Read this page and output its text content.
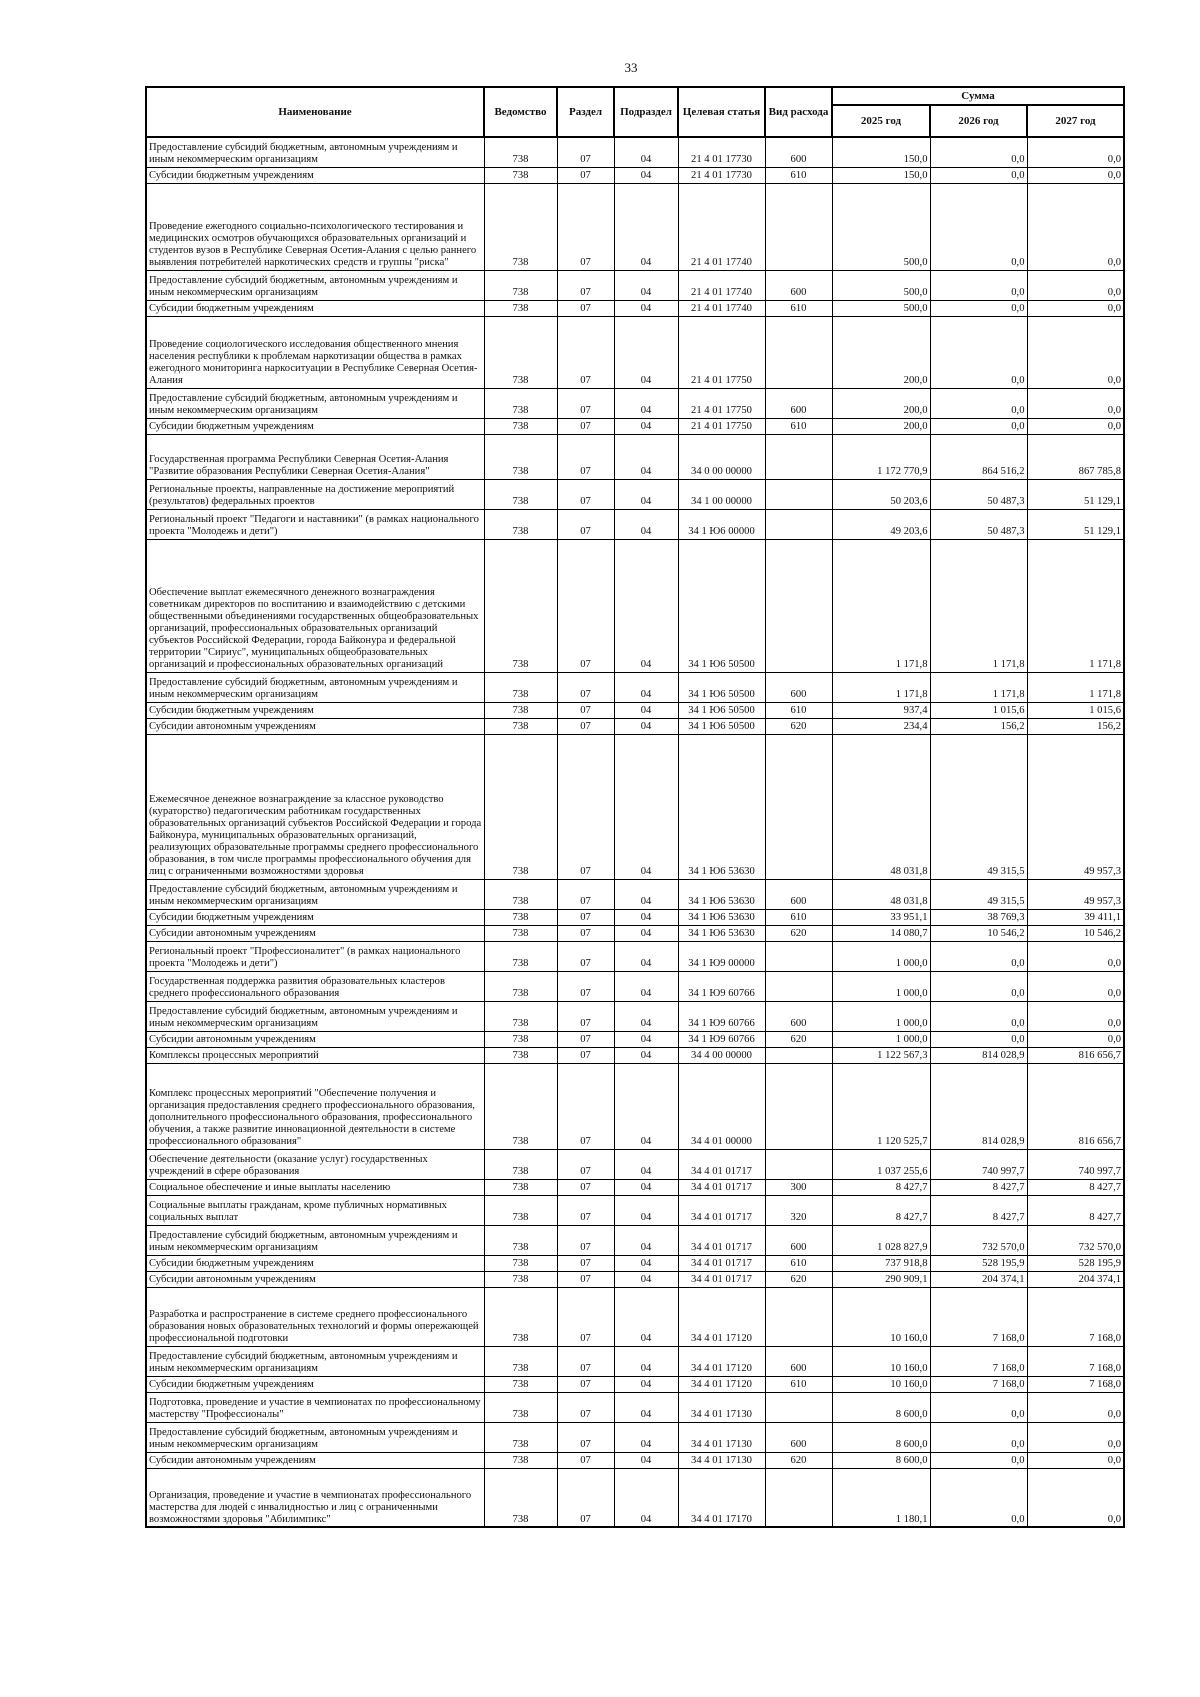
33
Наименование	Ведомство	Раздел	Подраздел	Целевая статья	Вид расхода	Сумма		
						2025 год	2026 год	2027 год
Предоставление субсидий бюджетным, автономным учреждениям и иным некоммерческим организациям	738	07	04	21 4 01 17730	600	150,0	0,0	0,0
Субсидии бюджетным учреждениям	738	07	04	21 4 01 17730	610	150,0	0,0	0,0
Проведение ежегодного социально-психологического тестирования и медицинских осмотров обучающихся образовательных организаций и студентов вузов в Республике Северная Осетия-Алания с целью раннего выявления потребителей наркотических средств и группы "риска"	738	07	04	21 4 01 17740		500,0	0,0	0,0
Предоставление субсидий бюджетным, автономным учреждениям и иным некоммерческим организациям	738	07	04	21 4 01 17740	600	500,0	0,0	0,0
Субсидии бюджетным учреждениям	738	07	04	21 4 01 17740	610	500,0	0,0	0,0
Проведение социологического исследования общественного мнения населения республики к проблемам наркотизации общества в рамках ежегодного мониторинга наркоситуации в Республике Северная Осетия-Алания	738	07	04	21 4 01 17750		200,0	0,0	0,0
Предоставление субсидий бюджетным, автономным учреждениям и иным некоммерческим организациям	738	07	04	21 4 01 17750	600	200,0	0,0	0,0
Субсидии бюджетным учреждениям	738	07	04	21 4 01 17750	610	200,0	0,0	0,0
Государственная программа Республики Северная Осетия-Алания "Развитие образования Республики Северная Осетия-Алания"	738	07	04	34 0 00 00000		1 172 770,9	864 516,2	867 785,8
Региональные проекты, направленные на достижение мероприятий (результатов) федеральных проектов	738	07	04	34 1 00 00000		50 203,6	50 487,3	51 129,1
Региональный проект "Педагоги и наставники" (в рамках национального проекта "Молодежь и дети")	738	07	04	34 1 Ю6 00000		49 203,6	50 487,3	51 129,1
Обеспечение выплат ежемесячного денежного вознаграждения советникам директоров по воспитанию и взаимодействию с детскими общественными объединениями государственных общеобразовательных организаций, профессиональных образовательных организаций субъектов Российской Федерации, города Байконура и федеральной территории "Сириус", муниципальных общеобразовательных организаций и профессиональных образовательных организаций	738	07	04	34 1 Ю6 50500		1 171,8	1 171,8	1 171,8
Предоставление субсидий бюджетным, автономным учреждениям и иным некоммерческим организациям	738	07	04	34 1 Ю6 50500	600	1 171,8	1 171,8	1 171,8
Субсидии бюджетным учреждениям	738	07	04	34 1 Ю6 50500	610	937,4	1 015,6	1 015,6
Субсидии автономным учреждениям	738	07	04	34 1 Ю6 50500	620	234,4	156,2	156,2
Ежемесячное денежное вознаграждение за классное руководство (кураторство) педагогическим работникам государственных образовательных организаций субъектов Российской Федерации и города Байконура, муниципальных образовательных организаций, реализующих образовательные программы среднего профессионального образования, в том числе программы профессионального обучения для лиц с ограниченными возможностями здоровья	738	07	04	34 1 Ю6 53630		48 031,8	49 315,5	49 957,3
Предоставление субсидий бюджетным, автономным учреждениям и иным некоммерческим организациям	738	07	04	34 1 Ю6 53630	600	48 031,8	49 315,5	49 957,3
Субсидии бюджетным учреждениям	738	07	04	34 1 Ю6 53630	610	33 951,1	38 769,3	39 411,1
Субсидии автономным учреждениям	738	07	04	34 1 Ю6 53630	620	14 080,7	10 546,2	10 546,2
Региональный проект "Профессионалитет" (в рамках национального проекта "Молодежь и дети")	738	07	04	34 1 Ю9 00000		1 000,0	0,0	0,0
Государственная поддержка развития образовательных кластеров среднего профессионального образования	738	07	04	34 1 Ю9 60766		1 000,0	0,0	0,0
Предоставление субсидий бюджетным, автономным учреждениям и иным некоммерческим организациям	738	07	04	34 1 Ю9 60766	600	1 000,0	0,0	0,0
Субсидии автономным учреждениям	738	07	04	34 1 Ю9 60766	620	1 000,0	0,0	0,0
Комплексы процессных мероприятий	738	07	04	34 4 00 00000		1 122 567,3	814 028,9	816 656,7
Комплекс процессных мероприятий "Обеспечение получения и организация предоставления среднего профессионального образования, дополнительного профессионального образования, профессионального обучения, а также развитие инновационной деятельности в системе профессионального образования"	738	07	04	34 4 01 00000		1 120 525,7	814 028,9	816 656,7
Обеспечение деятельности (оказание услуг) государственных учреждений в сфере образования	738	07	04	34 4 01 01717		1 037 255,6	740 997,7	740 997,7
Социальное обеспечение и иные выплаты населению	738	07	04	34 4 01 01717	300	8 427,7	8 427,7	8 427,7
Социальные выплаты гражданам, кроме публичных нормативных социальных выплат	738	07	04	34 4 01 01717	320	8 427,7	8 427,7	8 427,7
Предоставление субсидий бюджетным, автономным учреждениям и иным некоммерческим организациям	738	07	04	34 4 01 01717	600	1 028 827,9	732 570,0	732 570,0
Субсидии бюджетным учреждениям	738	07	04	34 4 01 01717	610	737 918,8	528 195,9	528 195,9
Субсидии автономным учреждениям	738	07	04	34 4 01 01717	620	290 909,1	204 374,1	204 374,1
Разработка и распространение в системе среднего профессионального образования новых образовательных технологий и формы опережающей профессиональной подготовки	738	07	04	34 4 01 17120		10 160,0	7 168,0	7 168,0
Предоставление субсидий бюджетным, автономным учреждениям и иным некоммерческим организациям	738	07	04	34 4 01 17120	600	10 160,0	7 168,0	7 168,0
Субсидии бюджетным учреждениям	738	07	04	34 4 01 17120	610	10 160,0	7 168,0	7 168,0
Подготовка, проведение и участие в чемпионатах по профессиональному мастерству "Профессионалы"	738	07	04	34 4 01 17130		8 600,0	0,0	0,0
Предоставление субсидий бюджетным, автономным учреждениям и иным некоммерческим организациям	738	07	04	34 4 01 17130	600	8 600,0	0,0	0,0
Субсидии автономным учреждениям	738	07	04	34 4 01 17130	620	8 600,0	0,0	0,0
Организация, проведение и участие в чемпионатах профессионального мастерства для людей с инвалидностью и лиц с ограниченными возможностями здоровья "Абилимпикс"	738	07	04	34 4 01 17170		1 180,1	0,0	0,0
